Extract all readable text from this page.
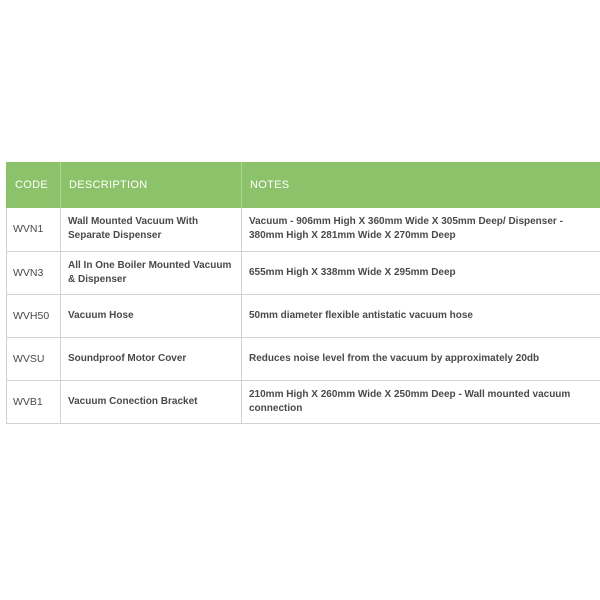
CODE	DESCRIPTION	NOTES	
WVN1	Wall Mounted Vacuum With Separate Dispenser	Vacuum - 906mm High X 360mm Wide X 305mm Deep/ Dispenser - 380mm High X 281mm Wide X 270mm Deep	
WVN3	All In One Boiler Mounted Vacuum & Dispenser	655mm High X 338mm Wide X 295mm Deep	
WVH50	Vacuum Hose	50mm diameter flexible antistatic vacuum hose	
WVSU	Soundproof Motor Cover	Reduces noise level from the vacuum by approximately 20db	
WVB1	Vacuum Conection Bracket	210mm High X 260mm Wide X 250mm Deep - Wall mounted vacuum connection	
